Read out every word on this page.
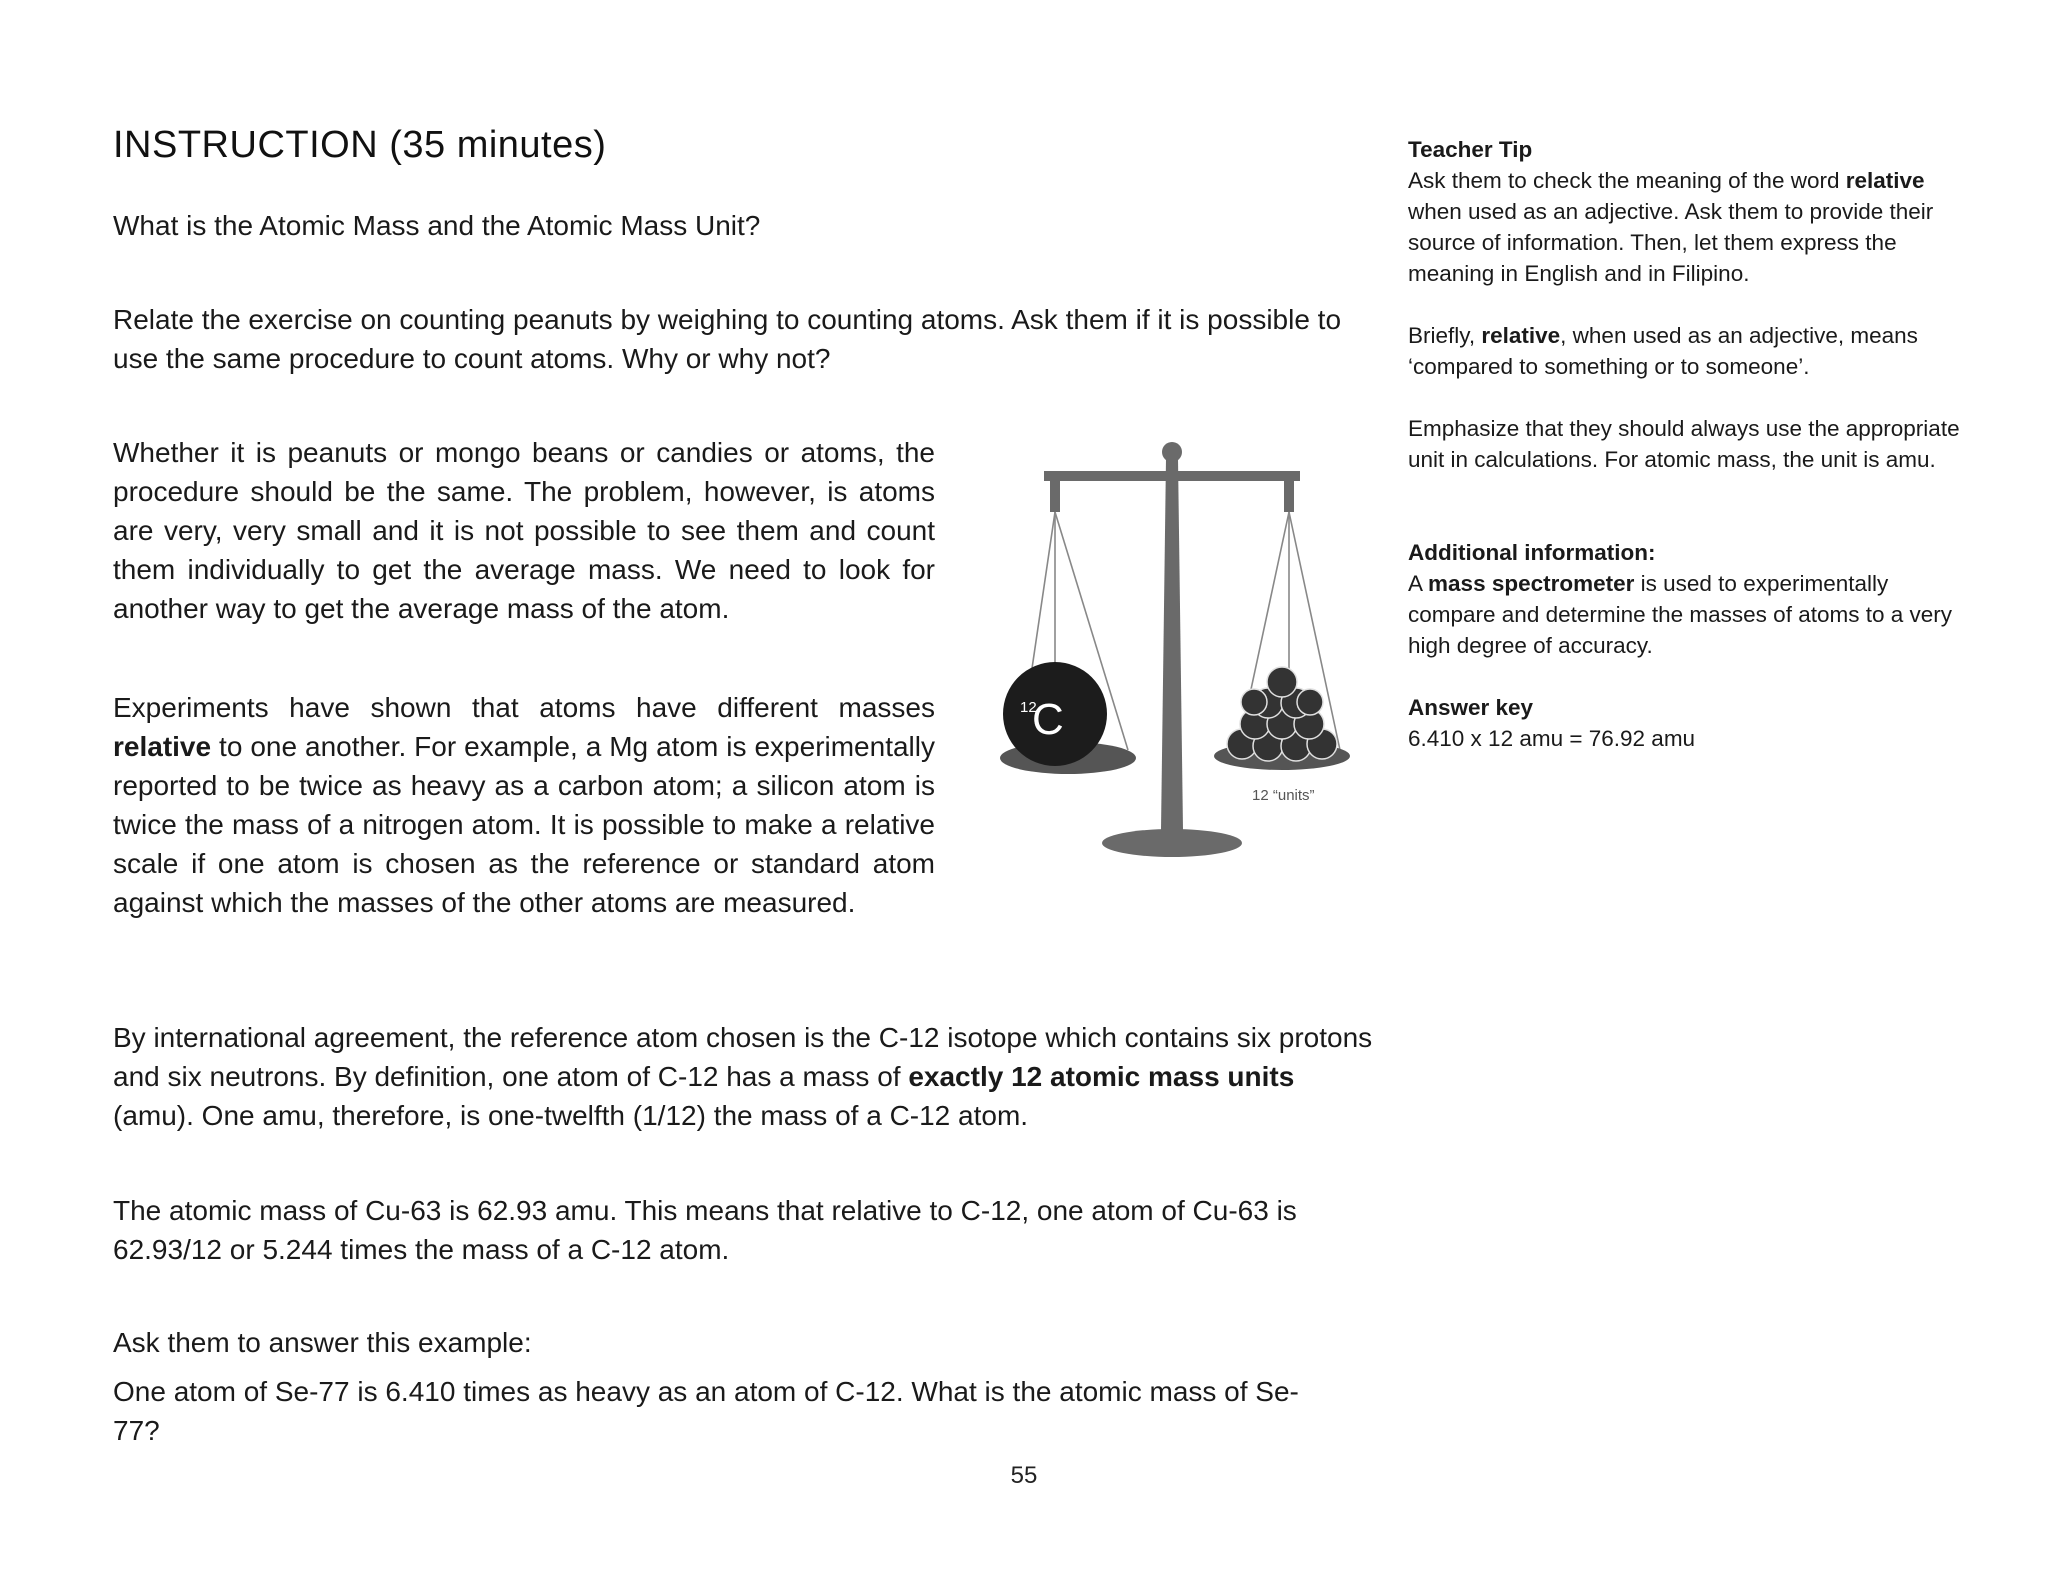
INSTRUCTION (35 minutes)

What is the Atomic Mass and the Atomic Mass Unit?

Relate the exercise on counting peanuts by weighing to counting atoms. Ask them if it is possible to use the same procedure to count atoms. Why or why not?

Whether it is peanuts or mongo beans or candies or atoms, the procedure should be the same. The problem, however, is atoms are very, very small and it is not possible to see them and count them individually to get the average mass. We need to look for another way to get the average mass of the atom.

Experiments have shown that atoms have different masses relative to one another. For example, a Mg atom is experimentally reported to be twice as heavy as a carbon atom; a silicon atom is twice the mass of a nitrogen atom. It is possible to make a relative scale if one atom is chosen as the reference or standard atom against which the masses of the other atoms are measured.

By international agreement, the reference atom chosen is the C-12 isotope which contains six protons and six neutrons. By definition, one atom of C-12 has a mass of exactly 12 atomic mass units (amu). One amu, therefore, is one-twelfth (1/12) the mass of a C-12 atom.

The atomic mass of Cu-63 is 62.93 amu. This means that relative to C-12, one atom of Cu-63 is 62.93/12 or 5.244 times the mass of a C-12 atom.

Ask them to answer this example:

One atom of Se-77 is 6.410 times as heavy as an atom of C-12. What is the atomic mass of Se-77?

12
C
12 “units”

Teacher Tip

Ask them to check the meaning of the word relative when used as an adjective. Ask them to provide their source of information. Then, let them express the meaning in English and in Filipino.

Briefly, relative, when used as an adjective, means ‘compared to something or to someone’.

Emphasize that they should always use the appropriate unit in calculations. For atomic mass, the unit is amu.

Additional information:

A mass spectrometer is used to experimentally compare and determine the masses of atoms to a very high degree of accuracy.

Answer key

6.410 x 12 amu = 76.92 amu

55
